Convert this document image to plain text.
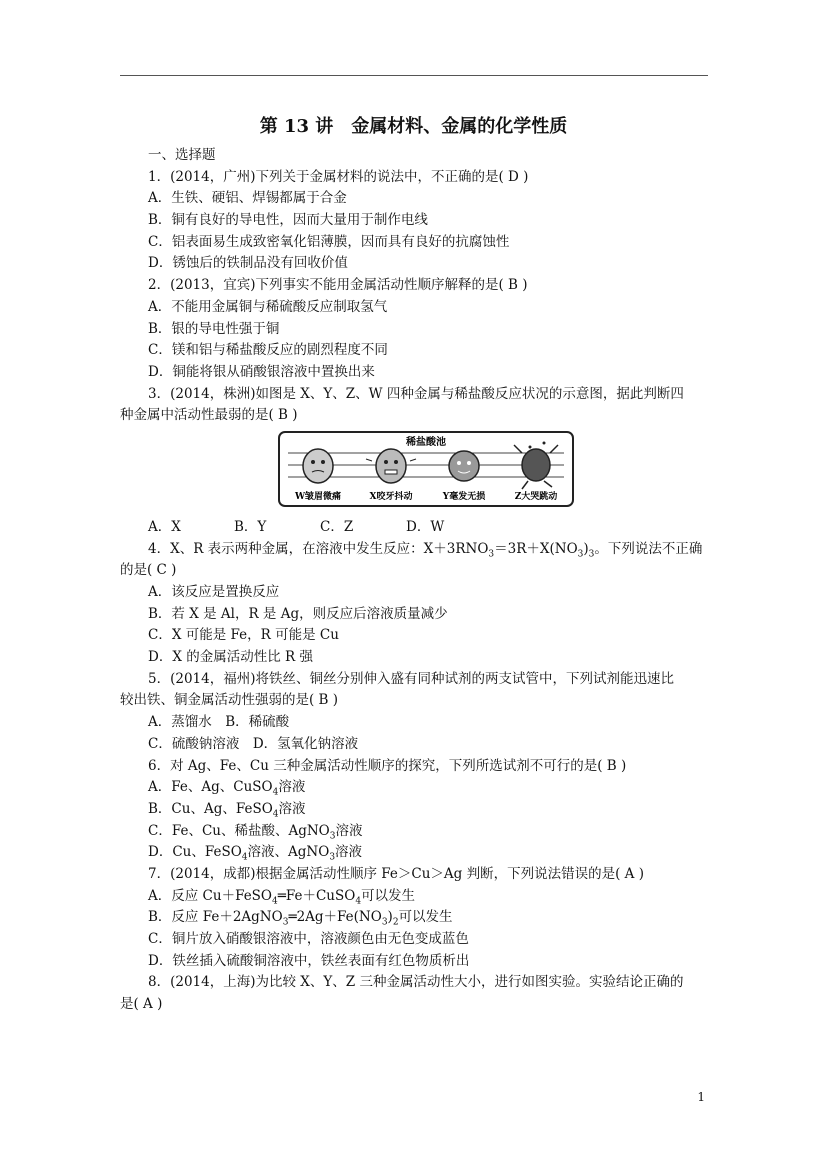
第 13 讲　金属材料、金属的化学性质
一、选择题
1．(2014，广州)下列关于金属材料的说法中，不正确的是( D )
A．生铁、硬铝、焊锡都属于合金
B．铜有良好的导电性，因而大量用于制作电线
C．铝表面易生成致密氧化铝薄膜，因而具有良好的抗腐蚀性
D．锈蚀后的铁制品没有回收价值
2．(2013，宜宾)下列事实不能用金属活动性顺序解释的是( B )
A．不能用金属铜与稀硫酸反应制取氢气
B．银的导电性强于铜
C．镁和铝与稀盐酸反应的剧烈程度不同
D．铜能将银从硝酸银溶液中置换出来
3．(2014，株洲)如图是 X、Y、Z、W 四种金属与稀盐酸反应状况的示意图，据此判断四
种金属中活动性最弱的是( B )
稀盐酸池
W皱眉微痛	X咬牙抖动	Y毫发无损	Z大哭跳动
A．X	B．Y	C．Z	D．W
4．X、R 表示两种金属，在溶液中发生反应：$X+3RNO_3=3R+X(NO_3)_3$。下列说法不正确
的是( C )
A．该反应是置换反应
B．若 X 是 Al，R 是 Ag，则反应后溶液质量减少
C．X 可能是 Fe，R 可能是 Cu
D．X 的金属活动性比 R 强
5．(2014，福州)将铁丝、铜丝分别伸入盛有同种试剂的两支试管中，下列试剂能迅速比
较出铁、铜金属活动性强弱的是( B )
A．蒸馏水　B．稀硫酸
C．硫酸钠溶液　D．氢氧化钠溶液
6．对 Ag、Fe、Cu 三种金属活动性顺序的探究，下列所选试剂不可行的是( B )
A．Fe、Ag、CuSO$_4$溶液
B．Cu、Ag、FeSO$_4$溶液
C．Fe、Cu、稀盐酸、AgNO$_3$溶液
D．Cu、FeSO$_4$溶液、AgNO$_3$溶液
7．(2014，成都)根据金属活动性顺序 Fe＞Cu＞Ag 判断，下列说法错误的是( A )
A．反应 Cu＋FeSO$_4$═Fe＋CuSO$_4$可以发生
B．反应 $Fe+2AgNO_3═2Ag+Fe(NO_3)_2$可以发生
C．铜片放入硝酸银溶液中，溶液颜色由无色变成蓝色
D．铁丝插入硫酸铜溶液中，铁丝表面有红色物质析出
8．(2014，上海)为比较 X、Y、Z 三种金属活动性大小，进行如图实验。实验结论正确的
是( A )
1
